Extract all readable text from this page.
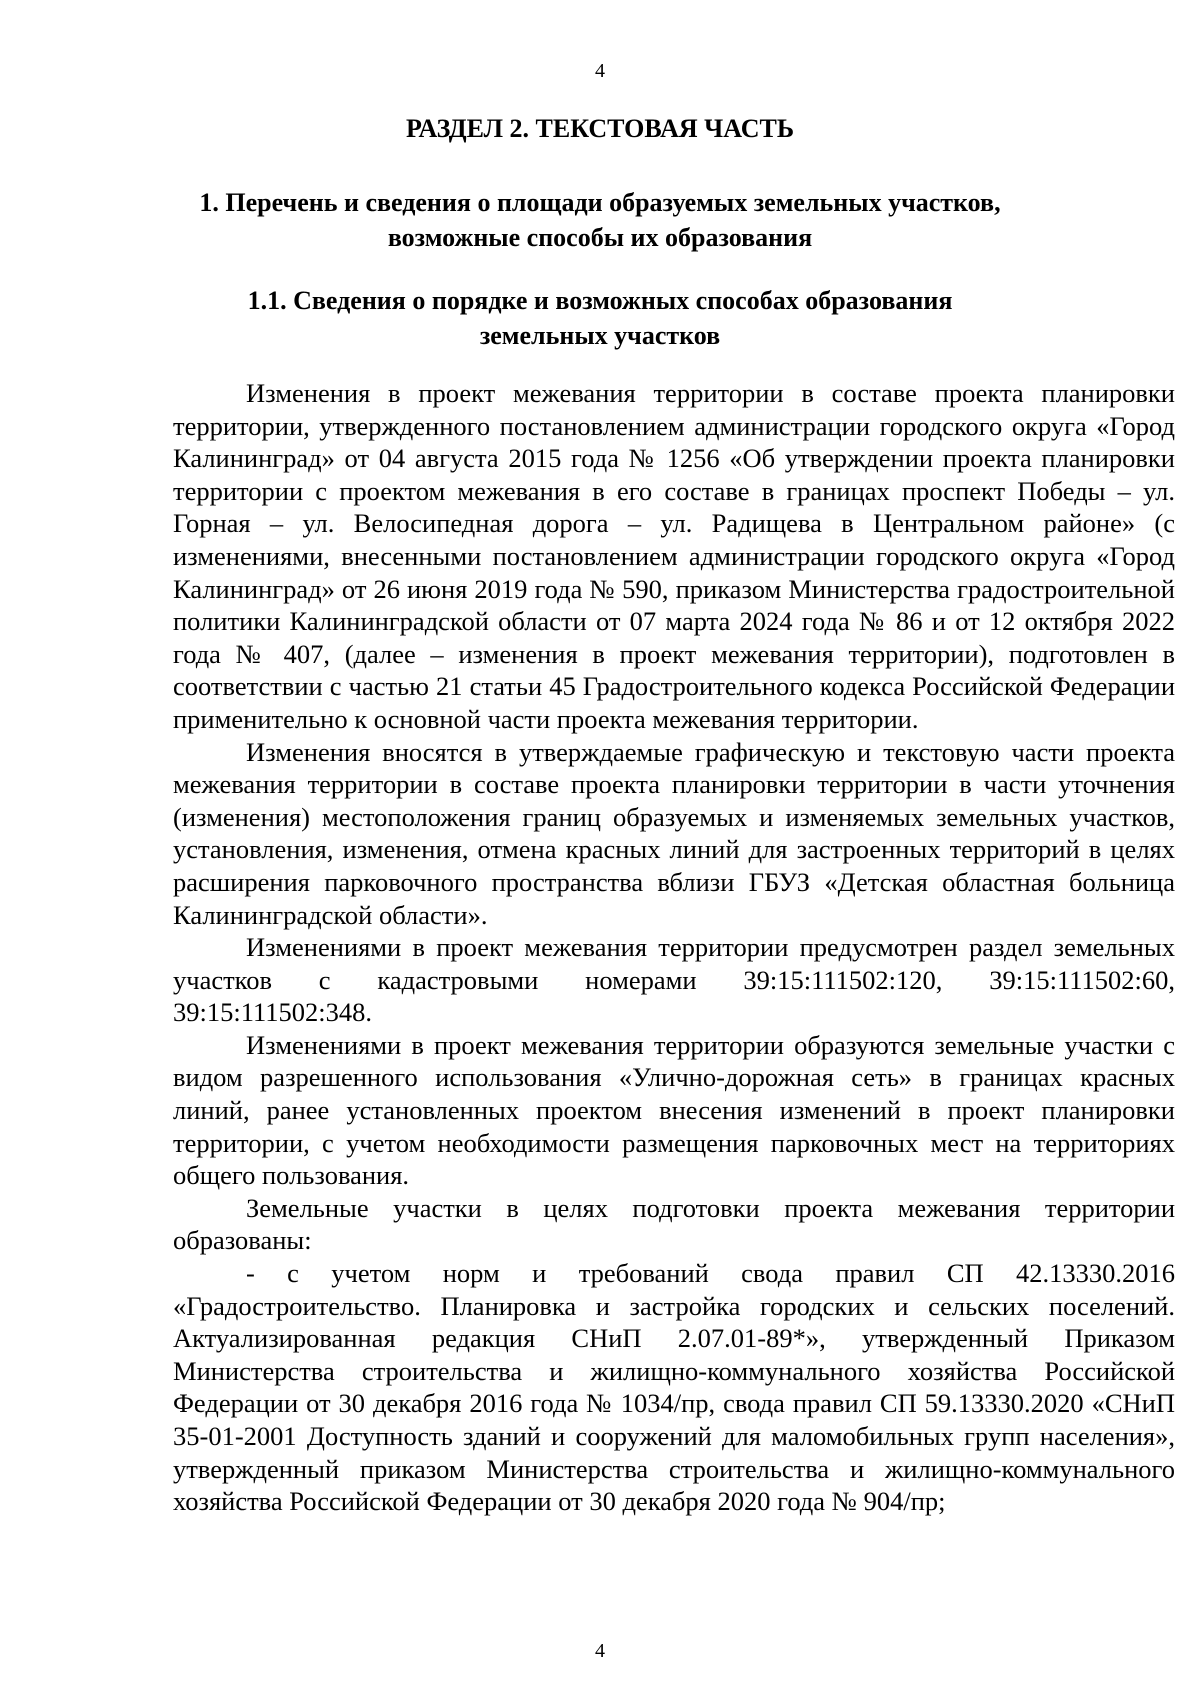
4
РАЗДЕЛ 2. ТЕКСТОВАЯ ЧАСТЬ
1. Перечень и сведения о площади образуемых земельных участков,
возможные способы их образования
1.1. Сведения о порядке и возможных способах образования
земельных участков

Изменения в проект межевания территории в составе проекта планировки территории, утвержденного постановлением администрации городского округа «Город Калининград» от 04 августа 2015 года № 1256 «Об утверждении проекта планировки территории с проектом межевания в его составе в границах проспект Победы – ул. Горная – ул. Велосипедная дорога – ул. Радищева в Центральном районе» (с изменениями, внесенными постановлением администрации городского округа «Город Калининград» от 26 июня 2019 года № 590, приказом Министерства градостроительной политики Калининградской области от 07 марта 2024 года № 86 и от 12 октября 2022 года № 407, (далее – изменения в проект межевания территории), подготовлен в соответствии с частью 21 статьи 45 Градостроительного кодекса Российской Федерации применительно к основной части проекта межевания территории.

Изменения вносятся в утверждаемые графическую и текстовую части проекта межевания территории в составе проекта планировки территории в части уточнения (изменения) местоположения границ образуемых и изменяемых земельных участков, установления, изменения, отмена красных линий для застроенных территорий в целях расширения парковочного пространства вблизи ГБУЗ «Детская областная больница Калининградской области».

Изменениями в проект межевания территории предусмотрен раздел земельных участков с кадастровыми номерами 39:15:111502:120, 39:15:111502:60, 39:15:111502:348.

Изменениями в проект межевания территории образуются земельные участки с видом разрешенного использования «Улично-дорожная сеть» в границах красных линий, ранее установленных проектом внесения изменений в проект планировки территории, с учетом необходимости размещения парковочных мест на территориях общего пользования.

Земельные участки в целях подготовки проекта межевания территории образованы:

- с учетом норм и требований свода правил СП 42.13330.2016 «Градостроительство. Планировка и застройка городских и сельских поселений. Актуализированная редакция СНиП 2.07.01-89*», утвержденный Приказом Министерства строительства и жилищно-коммунального хозяйства Российской Федерации от 30 декабря 2016 года № 1034/пр, свода правил СП 59.13330.2020 «СНиП 35-01-2001 Доступность зданий и сооружений для маломобильных групп населения», утвержденный приказом Министерства строительства и жилищно-коммунального хозяйства Российской Федерации от 30 декабря 2020 года № 904/пр;

4
